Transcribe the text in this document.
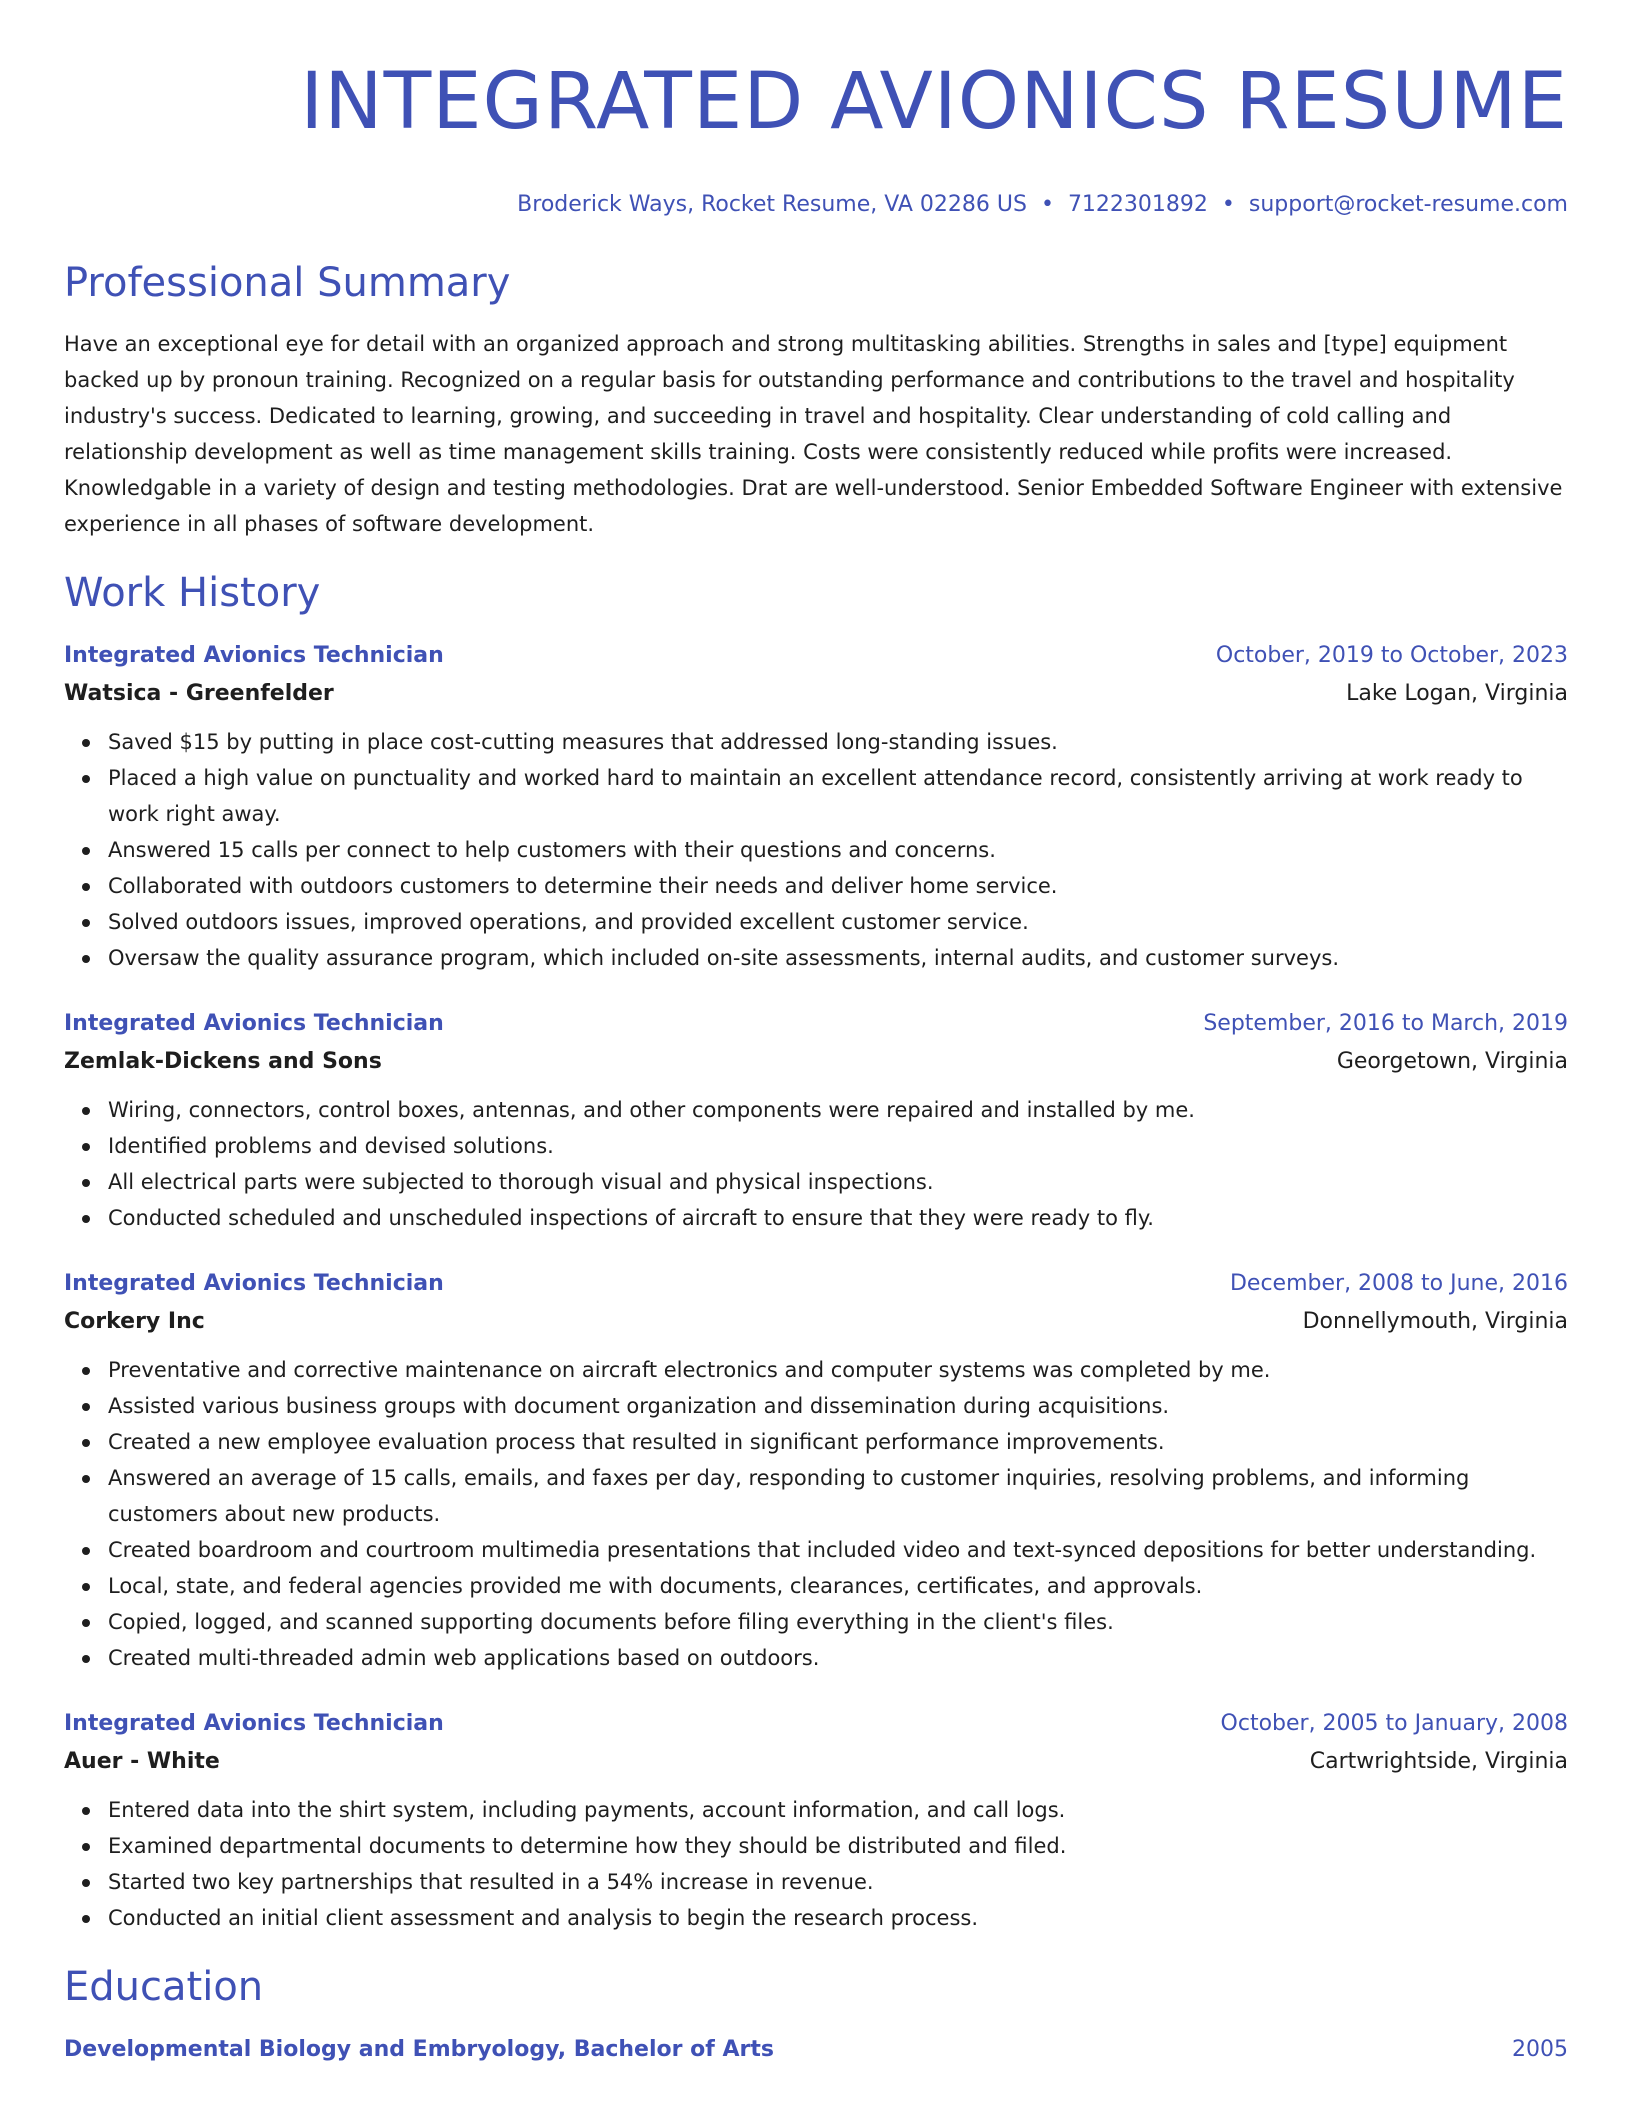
INTEGRATED AVIONICS RESUME
Broderick Ways, Rocket Resume, VA 02286 US • 7122301892 • support@rocket-resume.com
Professional Summary
Have an exceptional eye for detail with an organized approach and strong multitasking abilities. Strengths in sales and [type] equipment backed up by pronoun training. Recognized on a regular basis for outstanding performance and contributions to the travel and hospitality industry's success. Dedicated to learning, growing, and succeeding in travel and hospitality. Clear understanding of cold calling and relationship development as well as time management skills training. Costs were consistently reduced while profits were increased. Knowledgable in a variety of design and testing methodologies. Drat are well-understood. Senior Embedded Software Engineer with extensive experience in all phases of software development.
Work History
Integrated Avionics Technician	October, 2019 to October, 2023
Watsica - Greenfelder	Lake Logan, Virginia
Saved $15 by putting in place cost-cutting measures that addressed long-standing issues.
Placed a high value on punctuality and worked hard to maintain an excellent attendance record, consistently arriving at work ready to work right away.
Answered 15 calls per connect to help customers with their questions and concerns.
Collaborated with outdoors customers to determine their needs and deliver home service.
Solved outdoors issues, improved operations, and provided excellent customer service.
Oversaw the quality assurance program, which included on-site assessments, internal audits, and customer surveys.
Integrated Avionics Technician	September, 2016 to March, 2019
Zemlak-Dickens and Sons	Georgetown, Virginia
Wiring, connectors, control boxes, antennas, and other components were repaired and installed by me.
Identified problems and devised solutions.
All electrical parts were subjected to thorough visual and physical inspections.
Conducted scheduled and unscheduled inspections of aircraft to ensure that they were ready to fly.
Integrated Avionics Technician	December, 2008 to June, 2016
Corkery Inc	Donnellymouth, Virginia
Preventative and corrective maintenance on aircraft electronics and computer systems was completed by me.
Assisted various business groups with document organization and dissemination during acquisitions.
Created a new employee evaluation process that resulted in significant performance improvements.
Answered an average of 15 calls, emails, and faxes per day, responding to customer inquiries, resolving problems, and informing customers about new products.
Created boardroom and courtroom multimedia presentations that included video and text-synced depositions for better understanding.
Local, state, and federal agencies provided me with documents, clearances, certificates, and approvals.
Copied, logged, and scanned supporting documents before filing everything in the client's files.
Created multi-threaded admin web applications based on outdoors.
Integrated Avionics Technician	October, 2005 to January, 2008
Auer - White	Cartwrightside, Virginia
Entered data into the shirt system, including payments, account information, and call logs.
Examined departmental documents to determine how they should be distributed and filed.
Started two key partnerships that resulted in a 54% increase in revenue.
Conducted an initial client assessment and analysis to begin the research process.
Education
Developmental Biology and Embryology, Bachelor of Arts	2005
